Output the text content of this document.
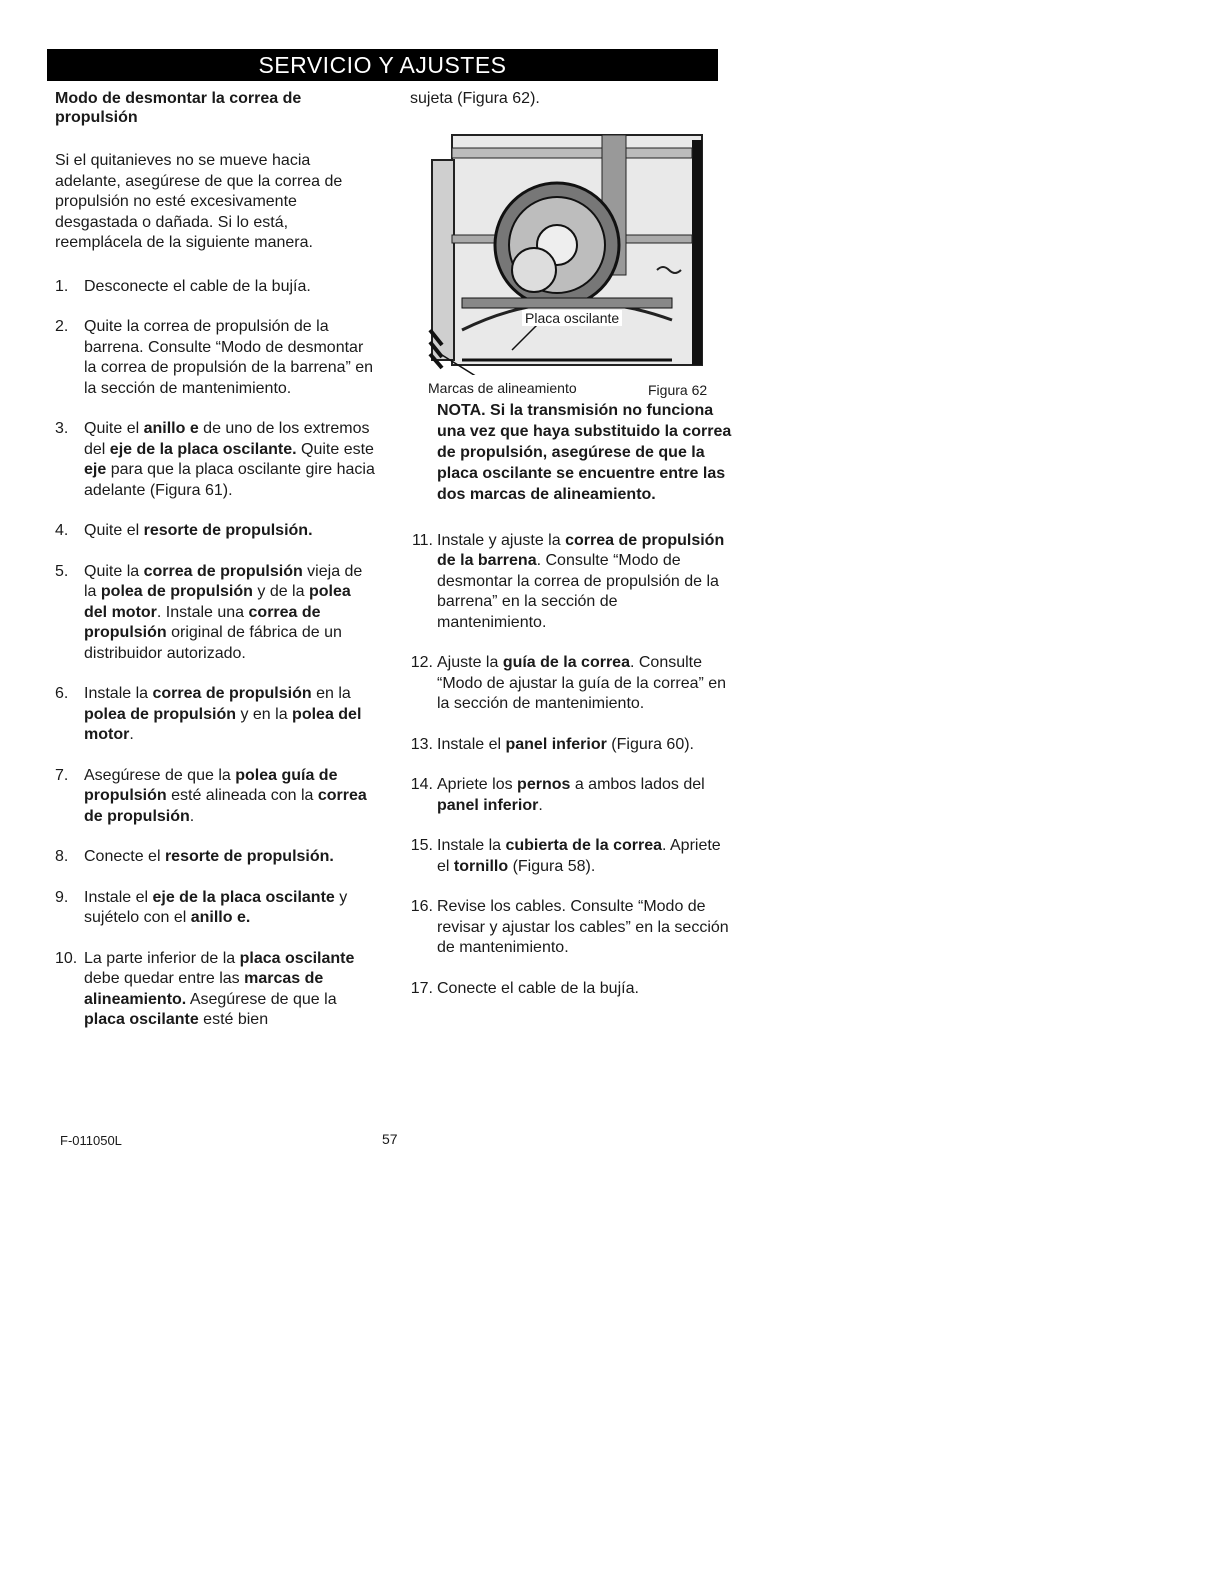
SERVICIO Y AJUSTES
Modo de desmontar la correa de propulsión

Si el quitanieves no se mueve hacia adelante, asegúrese de que la correa de propulsión no esté excesivamente desgastada o dañada. Si lo está, reemplácela de la siguiente manera.

1. Desconecte el cable de la bujía.
2. Quite la correa de propulsión de la barrena. Consulte “Modo de desmontar la correa de propulsión de la barrena” en la sección de mantenimiento.
3. Quite el anillo e de uno de los extremos del eje de la placa oscilante. Quite este eje para que la placa oscilante gire hacia adelante (Figura 61).
4. Quite el resorte de propulsión.
5. Quite la correa de propulsión vieja de la polea de propulsión y de la polea del motor. Instale una correa de propulsión original de fábrica de un distribuidor autorizado.
6. Instale la correa de propulsión en la polea de propulsión y en la polea del motor.
7. Asegúrese de que la polea guía de propulsión esté alineada con la correa de propulsión.
8. Conecte el resorte de propulsión.
9. Instale el eje de la placa oscilante y sujételo con el anillo e.
10. La parte inferior de la placa oscilante debe quedar entre las marcas de alineamiento. Asegúrese de que la placa oscilante esté bien

sujeta (Figura 62).

Placa oscilante
Marcas de alineamiento	Figura 62

NOTA. Si la transmisión no funciona una vez que haya substituido la correa de propulsión, asegúrese de que la placa oscilante se encuentre entre las dos marcas de alineamiento.

11. Instale y ajuste la correa de propulsión de la barrena. Consulte “Modo de desmontar la correa de propulsión de la barrena” en la sección de mantenimiento.
12. Ajuste la guía de la correa. Consulte “Modo de ajustar la guía de la correa” en la sección de mantenimiento.
13. Instale el panel inferior (Figura 60).
14. Apriete los pernos a ambos lados del panel inferior.
15. Instale la cubierta de la correa. Apriete el tornillo (Figura 58).
16. Revise los cables. Consulte “Modo de revisar y ajustar los cables” en la sección de mantenimiento.
17. Conecte el cable de la bujía.
F-011050L	57
